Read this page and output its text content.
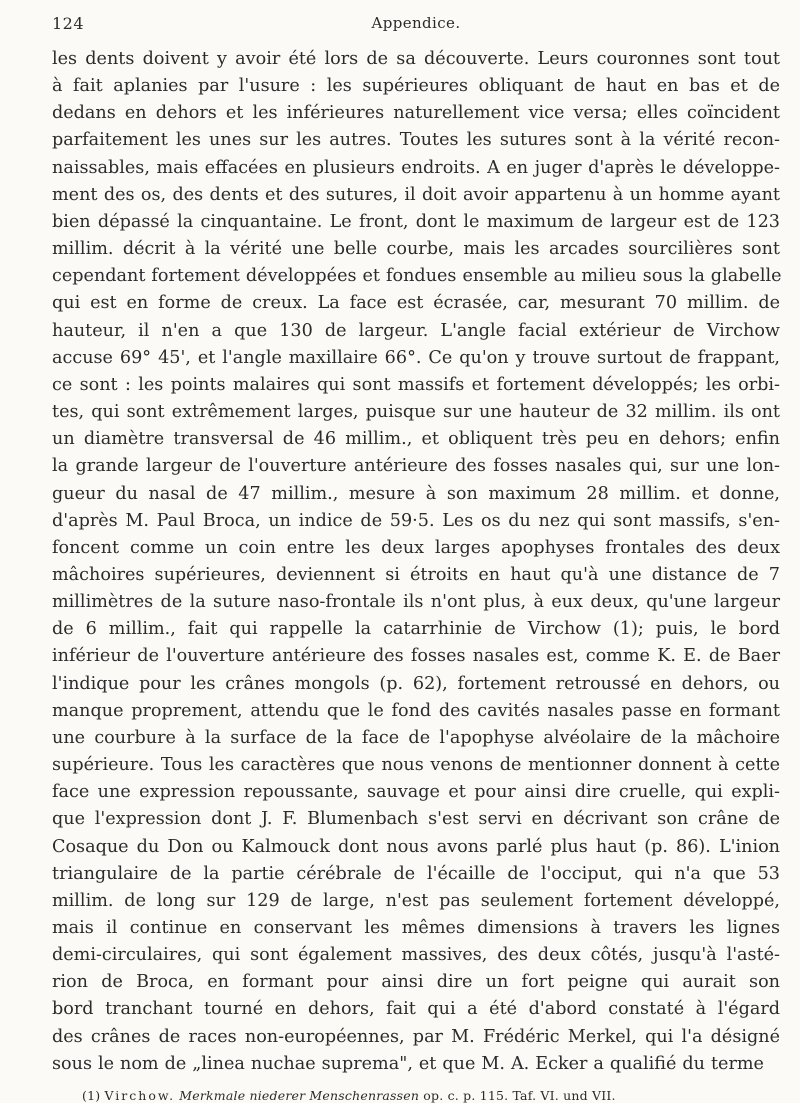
124	Appendice.

les dents doivent y avoir été lors de sa découverte. Leurs couronnes sont tout
à fait aplanies par l'usure : les supérieures obliquant de haut en bas et de
dedans en dehors et les inférieures naturellement vice versa; elles coïncident
parfaitement les unes sur les autres. Toutes les sutures sont à la vérité recon-
naissables, mais effacées en plusieurs endroits. A en juger d'après le développe-
ment des os, des dents et des sutures, il doit avoir appartenu à un homme ayant
bien dépassé la cinquantaine. Le front, dont le maximum de largeur est de 123
millim. décrit à la vérité une belle courbe, mais les arcades sourcilières sont
cependant fortement développées et fondues ensemble au milieu sous la glabelle
qui est en forme de creux. La face est écrasée, car, mesurant 70 millim. de
hauteur, il n'en a que 130 de largeur. L'angle facial extérieur de Virchow
accuse 69° 45', et l'angle maxillaire 66°. Ce qu'on y trouve surtout de frappant,
ce sont : les points malaires qui sont massifs et fortement développés; les orbi-
tes, qui sont extrêmement larges, puisque sur une hauteur de 32 millim. ils ont
un diamètre transversal de 46 millim., et obliquent très peu en dehors; enfin
la grande largeur de l'ouverture antérieure des fosses nasales qui, sur une lon-
gueur du nasal de 47 millim., mesure à son maximum 28 millim. et donne,
d'après M. Paul Broca, un indice de 59·5. Les os du nez qui sont massifs, s'en-
foncent comme un coin entre les deux larges apophyses frontales des deux
mâchoires supérieures, deviennent si étroits en haut qu'à une distance de 7
millimètres de la suture naso-frontale ils n'ont plus, à eux deux, qu'une largeur
de 6 millim., fait qui rappelle la catarrhinie de Virchow (1); puis, le bord
inférieur de l'ouverture antérieure des fosses nasales est, comme K. E. de Baer
l'indique pour les crânes mongols (p. 62), fortement retroussé en dehors, ou
manque proprement, attendu que le fond des cavités nasales passe en formant
une courbure à la surface de la face de l'apophyse alvéolaire de la mâchoire
supérieure. Tous les caractères que nous venons de mentionner donnent à cette
face une expression repoussante, sauvage et pour ainsi dire cruelle, qui expli-
que l'expression dont J. F. Blumenbach s'est servi en décrivant son crâne de
Cosaque du Don ou Kalmouck dont nous avons parlé plus haut (p. 86). L'inion
triangulaire de la partie cérébrale de l'écaille de l'occiput, qui n'a que 53
millim. de long sur 129 de large, n'est pas seulement fortement développé,
mais il continue en conservant les mêmes dimensions à travers les lignes
demi-circulaires, qui sont également massives, des deux côtés, jusqu'à l'asté-
rion de Broca, en formant pour ainsi dire un fort peigne qui aurait son
bord tranchant tourné en dehors, fait qui a été d'abord constaté à l'égard
des crânes de races non-européennes, par M. Frédéric Merkel, qui l'a désigné
sous le nom de „linea nuchae suprema", et que M. A. Ecker a qualifié du terme

(1) Virchow. Merkmale niederer Menschenrassen op. c. p. 115. Taf. VI. und VII.
